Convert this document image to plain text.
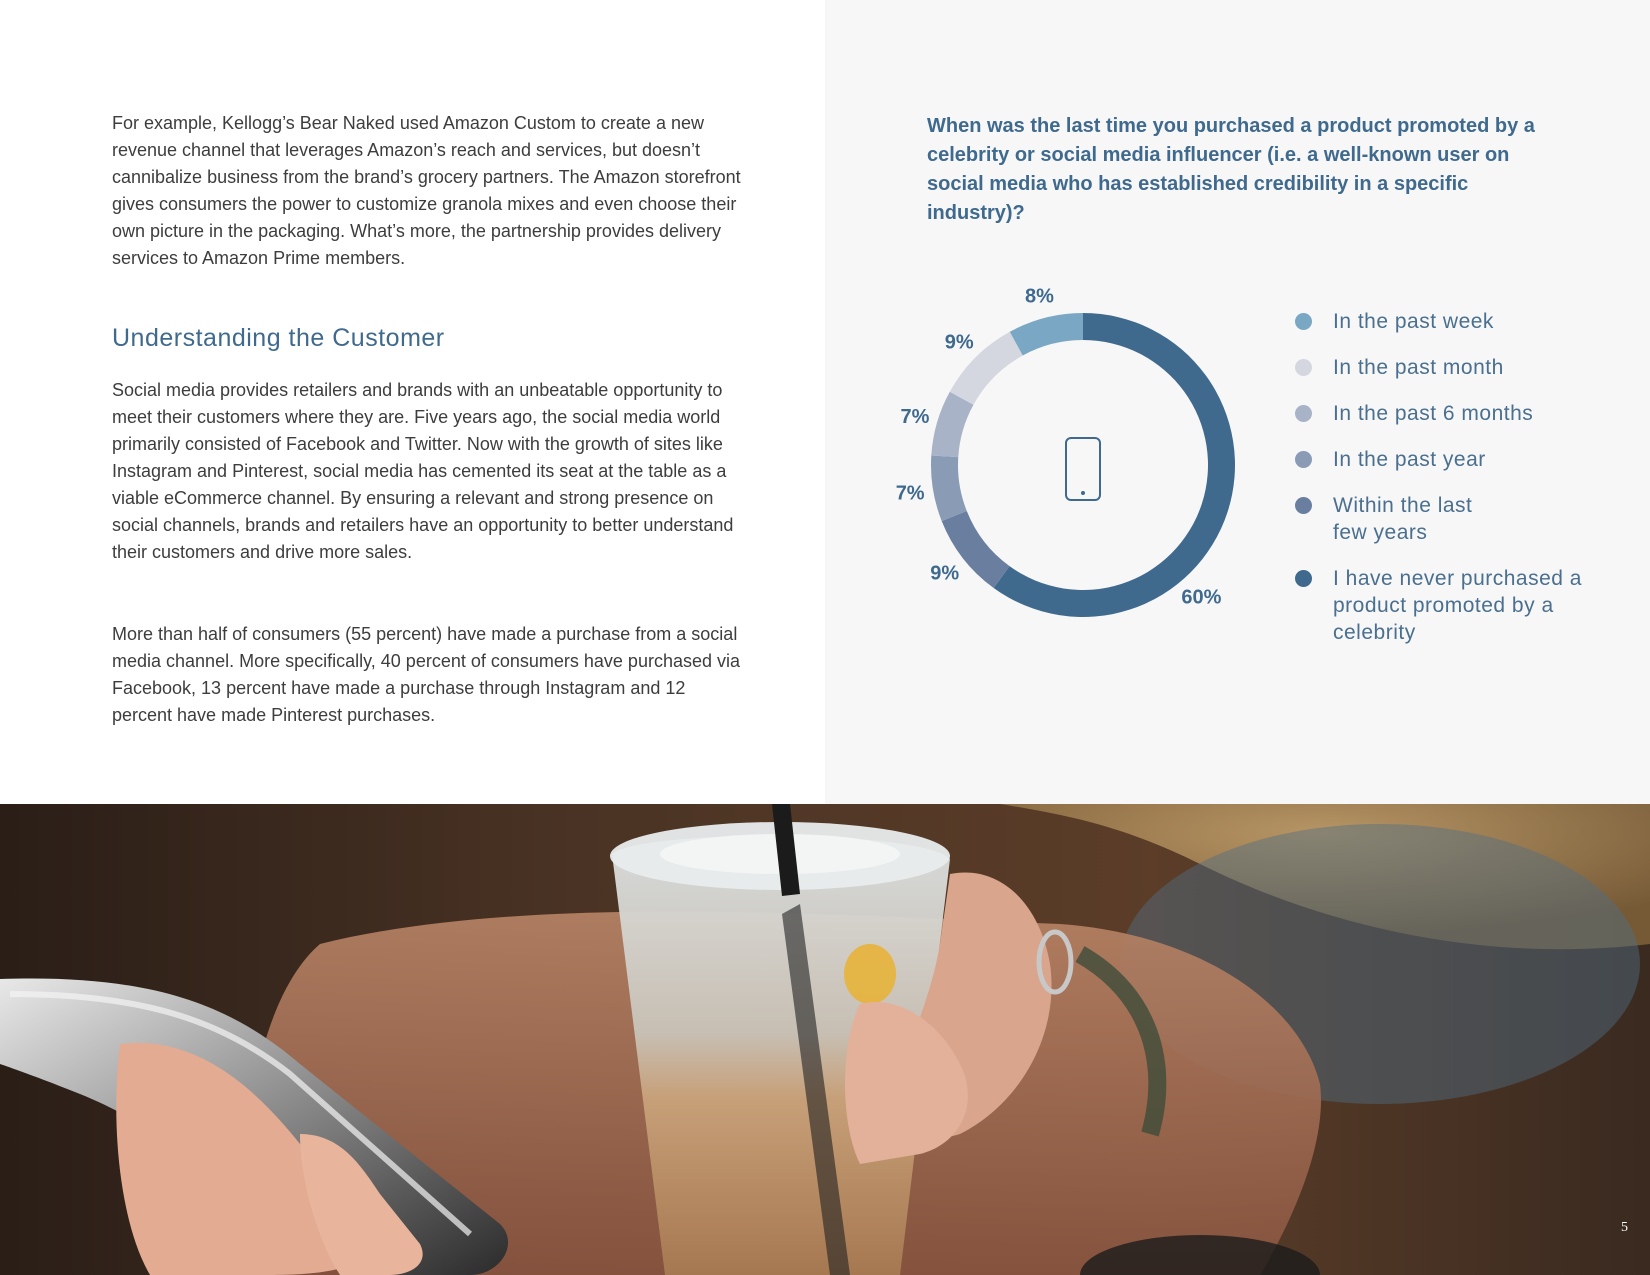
For example, Kellogg’s Bear Naked used Amazon Custom to create a new revenue channel that leverages Amazon’s reach and services, but doesn’t cannibalize business from the brand’s grocery partners. The Amazon storefront gives consumers the power to customize granola mixes and even choose their own picture in the packaging. What’s more, the partnership provides delivery services to Amazon Prime members.

Understanding the Customer

Social media provides retailers and brands with an unbeatable opportunity to meet their customers where they are. Five years ago, the social media world primarily consisted of Facebook and Twitter. Now with the growth of sites like Instagram and Pinterest, social media has cemented its seat at the table as a viable eCommerce channel. By ensuring a relevant and strong presence on social channels, brands and retailers have an opportunity to better understand their customers and drive more sales.

More than half of consumers (55 percent) have made a purchase from a social media channel. More specifically, 40 percent of consumers have purchased via Facebook, 13 percent have made a purchase through Instagram and 12 percent have made Pinterest purchases.

When was the last time you purchased a product promoted by a celebrity or social media influencer (i.e. a well-known user on social media who has established credibility in a specific industry)?

60%
9%
7%
7%
9%
8%
In the past week
In the past month
In the past 6 months
In the past year
Within the last few years
I have never purchased a product promoted by a celebrity
5
